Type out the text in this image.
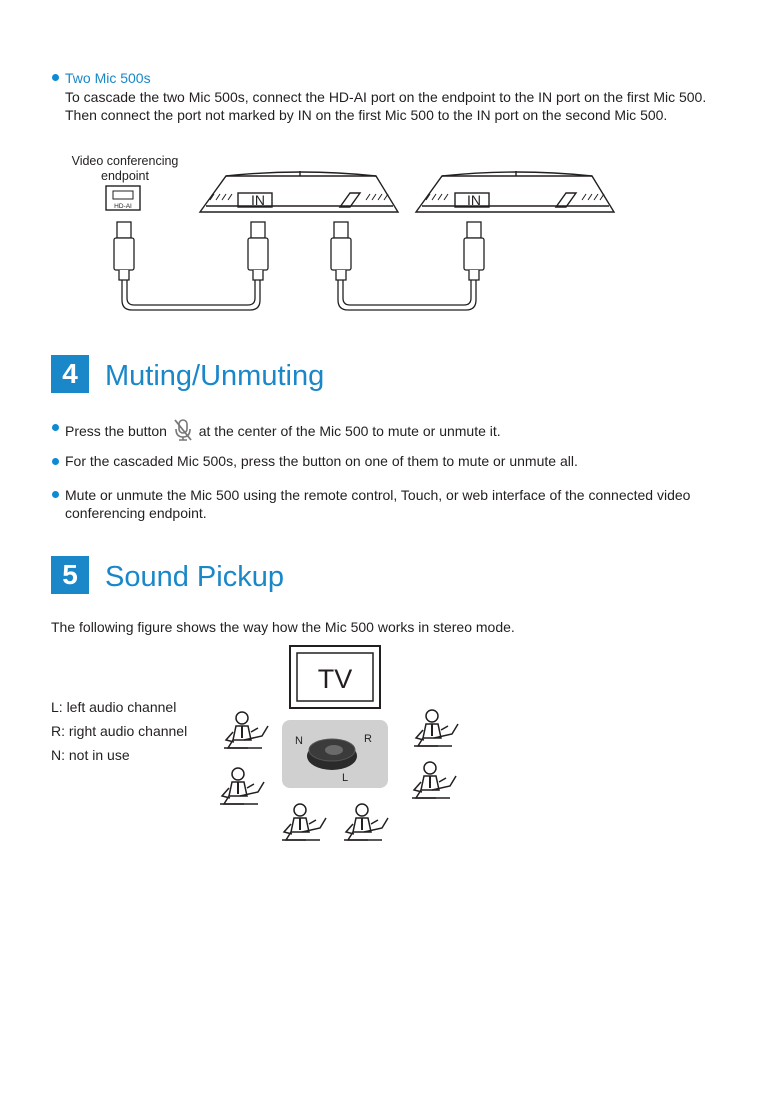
Two Mic 500s
To cascade the two Mic 500s, connect the HD-AI port on the endpoint to the IN port on the first Mic 500. Then connect the port not marked by IN on the first Mic 500 to the IN port on the second Mic 500.
Video conferencing endpoint
HD-AI	IN	IN
4 Muting/Unmuting
Press the button at the center of the Mic 500 to mute or unmute it.
For the cascaded Mic 500s, press the button on one of them to mute or unmute all.
Mute or unmute the Mic 500 using the remote control, Touch, or web interface of the connected video conferencing endpoint.
5 Sound Pickup
The following figure shows the way how the Mic 500 works in stereo mode.
L: left audio channel
R: right audio channel
N: not in use
TV
N	R
L
